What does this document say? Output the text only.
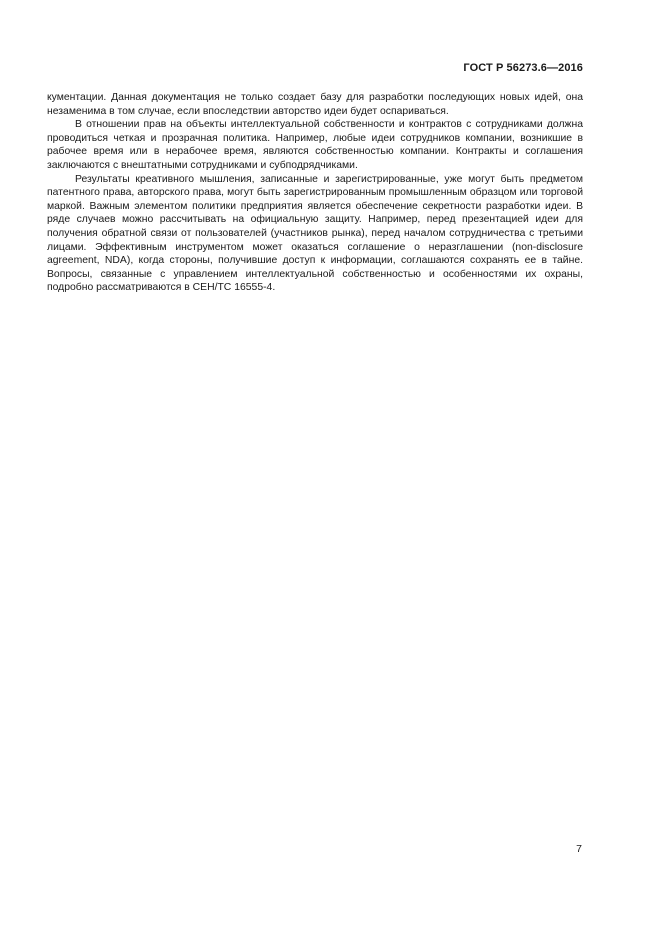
ГОСТ Р 56273.6—2016

кументации. Данная документация не только создает базу для разработки последующих новых идей, она незаменима в том случае, если впоследствии авторство идеи будет оспариваться.

В отношении прав на объекты интеллектуальной собственности и контрактов с сотрудниками должна проводиться четкая и прозрачная политика. Например, любые идеи сотрудников компании, возникшие в рабочее время или в нерабочее время, являются собственностью компании. Контракты и соглашения заключаются с внештатными сотрудниками и субподрядчиками.

Результаты креативного мышления, записанные и зарегистрированные, уже могут быть предметом патентного права, авторского права, могут быть зарегистрированным промышленным образцом или торговой маркой. Важным элементом политики предприятия является обеспечение секретности разработки идеи. В ряде случаев можно рассчитывать на официальную защиту. Например, перед презентацией идеи для получения обратной связи от пользователей (участников рынка), перед началом сотрудничества с третьими лицами. Эффективным инструментом может оказаться соглашение о неразглашении (non-disclosure agreement, NDA), когда стороны, получившие доступ к информации, соглашаются сохранять ее в тайне. Вопросы, связанные с управлением интеллектуальной собственностью и особенностями их охраны, подробно рассматриваются в CEH/TC 16555-4.

7
